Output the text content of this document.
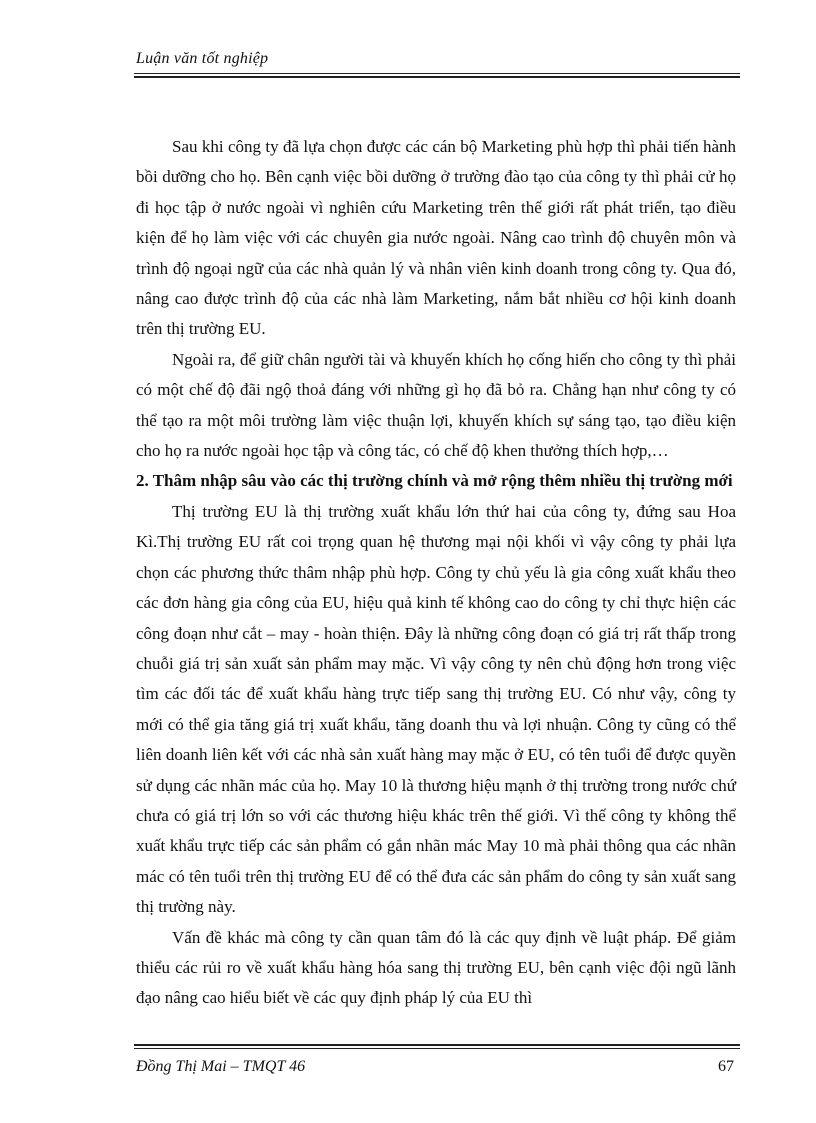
Luận văn tốt nghiệp

Sau khi công ty đã lựa chọn được các cán bộ Marketing phù hợp thì phải tiến hành bồi dưỡng cho họ. Bên cạnh việc bồi dưỡng ở trường đào tạo của công ty thì phải cử họ đi học tập ở nước ngoài vì nghiên cứu Marketing trên thế giới rất phát triển, tạo điều kiện để họ làm việc với các chuyên gia nước ngoài. Nâng cao trình độ chuyên môn và trình độ ngoại ngữ của các nhà quản lý và nhân viên kinh doanh trong công ty. Qua đó, nâng cao được trình độ của các nhà làm Marketing, nắm bắt nhiều cơ hội kinh doanh trên thị trường EU.

Ngoài ra, để giữ chân người tài và khuyến khích họ cống hiến cho công ty thì phải có một chế độ đãi ngộ thoả đáng với những gì họ đã bỏ ra. Chẳng hạn như công ty có thể tạo ra một môi trường làm việc thuận lợi, khuyến khích sự sáng tạo, tạo điều kiện cho họ ra nước ngoài học tập và công tác, có chế độ khen thưởng thích hợp,…

2. Thâm nhập sâu vào các thị trường chính và mở rộng thêm nhiều thị trường mới

Thị trường EU là thị trường xuất khẩu lớn thứ hai của công ty, đứng sau Hoa Kì.Thị trường EU rất coi trọng quan hệ thương mại nội khối vì vậy công ty phải lựa chọn các phương thức thâm nhập phù hợp. Công ty chủ yếu là gia công xuất khẩu theo các đơn hàng gia công của EU, hiệu quả kinh tế không cao do công ty chỉ thực hiện các công đoạn như cắt – may - hoàn thiện. Đây là những công đoạn có giá trị rất thấp trong chuỗi giá trị sản xuất sản phẩm may mặc. Vì vậy công ty nên chủ động hơn trong việc tìm các đối tác để xuất khẩu hàng trực tiếp sang thị trường EU. Có như vậy, công ty mới có thể gia tăng giá trị xuất khẩu, tăng doanh thu và lợi nhuận. Công ty cũng có thể liên doanh liên kết với các nhà sản xuất hàng may mặc ở EU, có tên tuổi để được quyền sử dụng các nhãn mác của họ. May 10 là thương hiệu mạnh ở thị trường trong nước chứ chưa có giá trị lớn so với các thương hiệu khác trên thế giới. Vì thế công ty không thể xuất khẩu trực tiếp các sản phẩm có gắn nhãn mác May 10 mà phải thông qua các nhãn mác có tên tuổi trên thị trường EU để có thể đưa các sản phẩm do công ty sản xuất sang thị trường này.

Vấn đề khác mà công ty cần quan tâm đó là các quy định về luật pháp. Để giảm thiểu các rủi ro về xuất khẩu hàng hóa sang thị trường EU, bên cạnh việc đội ngũ lãnh đạo nâng cao hiểu biết về các quy định pháp lý của EU thì

Đồng Thị Mai – TMQT 46	67
